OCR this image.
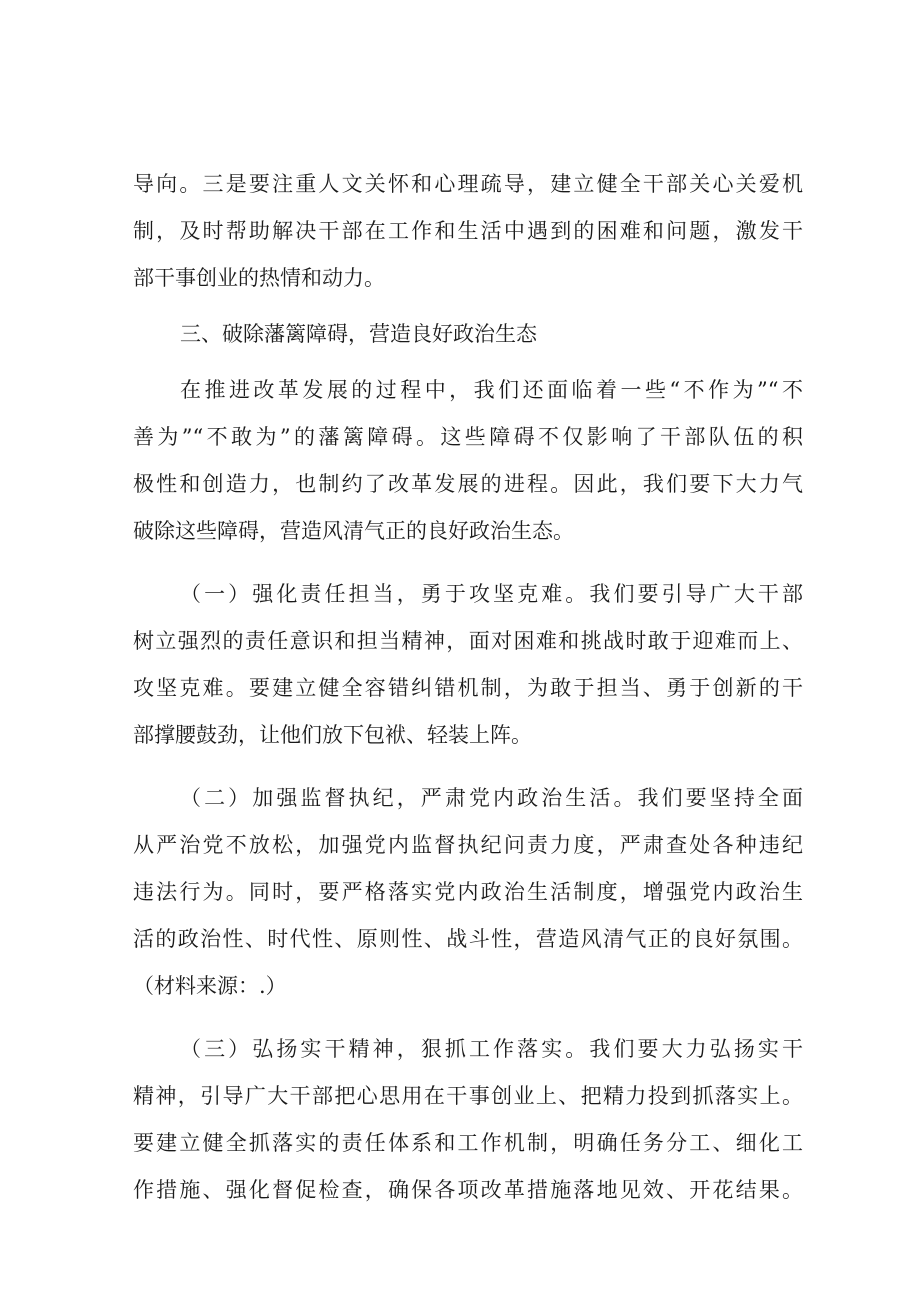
导向。三是要注重人文关怀和心理疏导，建立健全干部关心关爱机
制，及时帮助解决干部在工作和生活中遇到的困难和问题，激发干
部干事创业的热情和动力。
三、破除藩篱障碍，营造良好政治生态
在推进改革发展的过程中，我们还面临着一些“不作为”“不
善为”“不敢为”的藩篱障碍。这些障碍不仅影响了干部队伍的积
极性和创造力，也制约了改革发展的进程。因此，我们要下大力气
破除这些障碍，营造风清气正的良好政治生态。
（一）强化责任担当，勇于攻坚克难。我们要引导广大干部
树立强烈的责任意识和担当精神，面对困难和挑战时敢于迎难而上、
攻坚克难。要建立健全容错纠错机制，为敢于担当、勇于创新的干
部撑腰鼓劲，让他们放下包袱、轻装上阵。
（二）加强监督执纪，严肃党内政治生活。我们要坚持全面
从严治党不放松，加强党内监督执纪问责力度，严肃查处各种违纪
违法行为。同时，要严格落实党内政治生活制度，增强党内政治生
活的政治性、时代性、原则性、战斗性，营造风清气正的良好氛围。
（材料来源：.）
（三）弘扬实干精神，狠抓工作落实。我们要大力弘扬实干
精神，引导广大干部把心思用在干事创业上、把精力投到抓落实上。
要建立健全抓落实的责任体系和工作机制，明确任务分工、细化工
作措施、强化督促检查，确保各项改革措施落地见效、开花结果。
